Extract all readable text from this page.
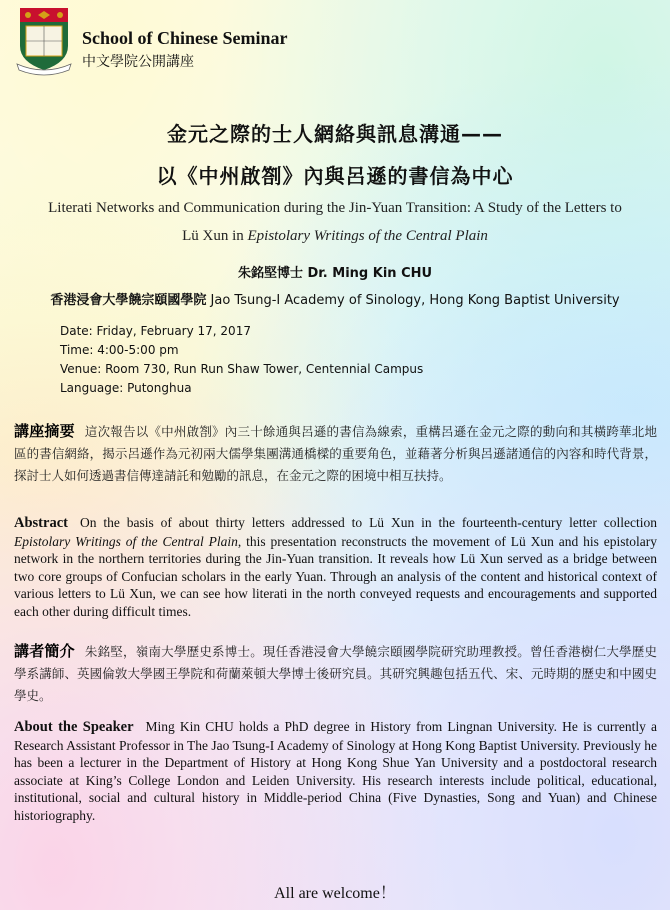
School of Chinese Seminar
中文學院公開講座
金元之際的士人網絡與訊息溝通——
以《中州啟劄》內與呂遜的書信為中心
Literati Networks and Communication during the Jin-Yuan Transition: A Study of the Letters to
Lü Xun in Epistolary Writings of the Central Plain
朱銘堅博士 Dr. Ming Kin CHU
香港浸會大學饒宗頤國學院 Jao Tsung-I Academy of Sinology, Hong Kong Baptist University
Date: Friday, February 17, 2017
Time: 4:00-5:00 pm
Venue: Room 730, Run Run Shaw Tower, Centennial Campus
Language: Putonghua
講座摘要 這次報告以《中州啟劄》內三十餘通與呂遜的書信為線索，重構呂遜在金元之際的動向和其橫跨華北地區的書信網絡，揭示呂遜作為元初兩大儒學集團溝通橋樑的重要角色，並藉著分析與呂遜諸通信的內容和時代背景，探討士人如何透過書信傳達請託和勉勵的訊息，在金元之際的困境中相互扶持。
Abstract On the basis of about thirty letters addressed to Lü Xun in the fourteenth-century letter collection Epistolary Writings of the Central Plain, this presentation reconstructs the movement of Lü Xun and his epistolary network in the northern territories during the Jin-Yuan transition. It reveals how Lü Xun served as a bridge between two core groups of Confucian scholars in the early Yuan. Through an analysis of the content and historical context of various letters to Lü Xun, we can see how literati in the north conveyed requests and encouragements and supported each other during difficult times.
講者簡介 朱銘堅，嶺南大學歷史系博士。現任香港浸會大學饒宗頤國學院研究助理教授。曾任香港樹仁大學歷史學系講師、英國倫敦大學國王學院和荷蘭萊頓大學博士後研究員。其研究興趣包括五代、宋、元時期的歷史和中國史學史。
About the Speaker Ming Kin CHU holds a PhD degree in History from Lingnan University. He is currently a Research Assistant Professor in The Jao Tsung-I Academy of Sinology at Hong Kong Baptist University. Previously he has been a lecturer in the Department of History at Hong Kong Shue Yan University and a postdoctoral research associate at King’s College London and Leiden University. His research interests include political, educational, institutional, social and cultural history in Middle-period China (Five Dynasties, Song and Yuan) and Chinese historiography.
All are welcome！
